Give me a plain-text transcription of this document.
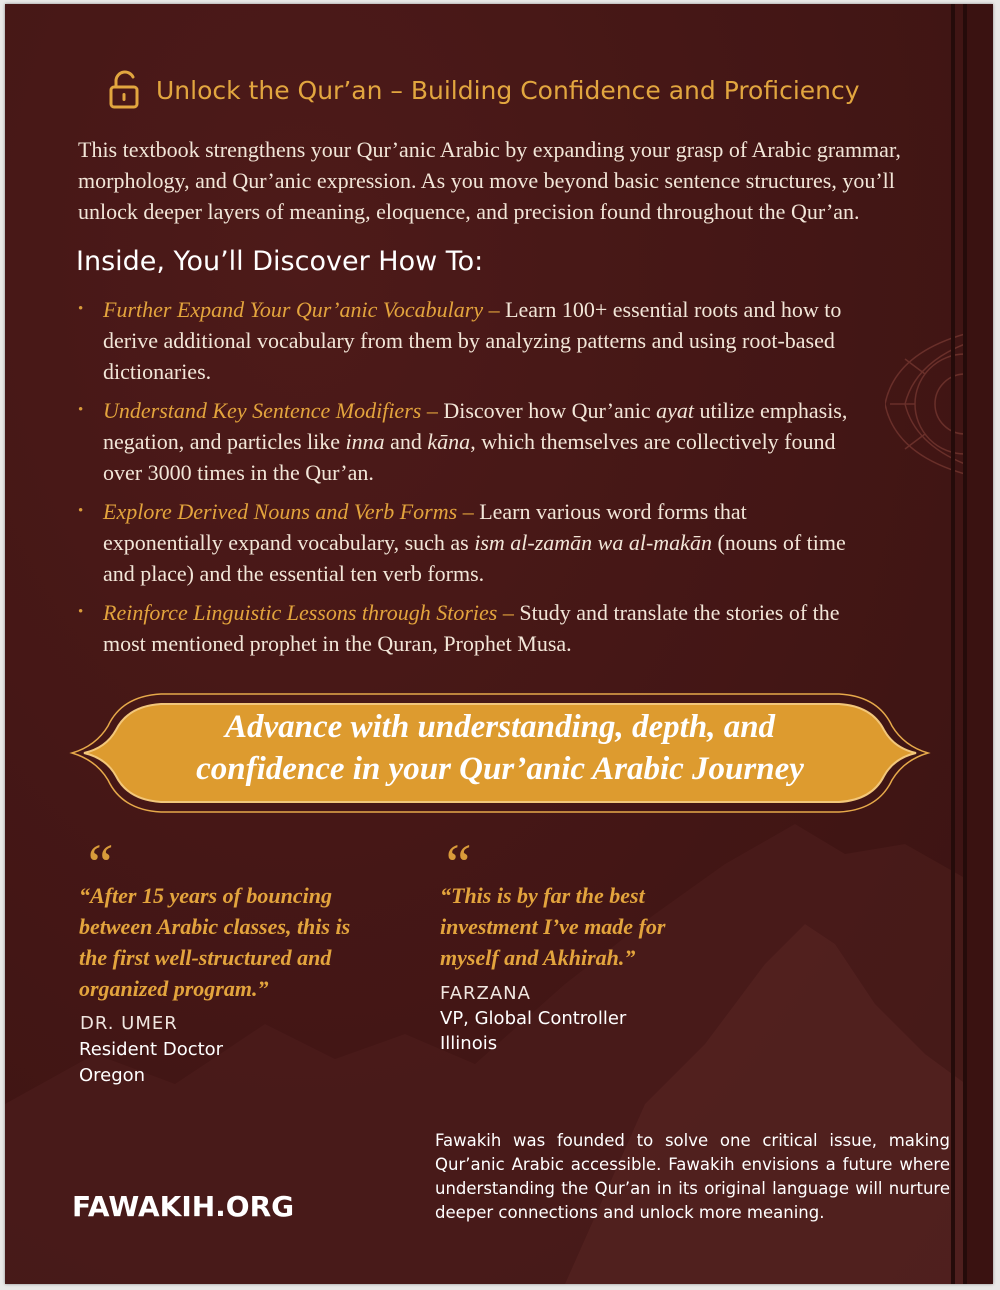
Unlock the Qur’an – Building Confidence and Proficiency
This textbook strengthens your Qur’anic Arabic by expanding your grasp of Arabic grammar, morphology, and Qur’anic expression. As you move beyond basic sentence structures, you’ll unlock deeper layers of meaning, eloquence, and precision found throughout the Qur’an.
Inside, You’ll Discover How To:
• Further Expand Your Qur’anic Vocabulary – Learn 100+ essential roots and how to derive additional vocabulary from them by analyzing patterns and using root-based dictionaries.
• Understand Key Sentence Modifiers – Discover how Qur’anic ayat utilize emphasis, negation, and particles like inna and kāna, which themselves are collectively found over 3000 times in the Qur’an.
• Explore Derived Nouns and Verb Forms – Learn various word forms that exponentially expand vocabulary, such as ism al-zamān wa al-makān (nouns of time and place) and the essential ten verb forms.
• Reinforce Linguistic Lessons through Stories – Study and translate the stories of the most mentioned prophet in the Quran, Prophet Musa.
Advance with understanding, depth, and
confidence in your Qur’anic Arabic Journey
“
“After 15 years of bouncing
between Arabic classes, this is
the first well-structured and
organized program.”
DR. UMER
Resident Doctor
Oregon
“
“This is by far the best
investment I’ve made for
myself and Akhirah.”
FARZANA
VP, Global Controller
Illinois
Fawakih was founded to solve one critical issue, making Qur’anic Arabic accessible. Fawakih envisions a future where understanding the Qur’an in its original language will nurture deeper connections and unlock more meaning.
FAWAKIH.ORG
